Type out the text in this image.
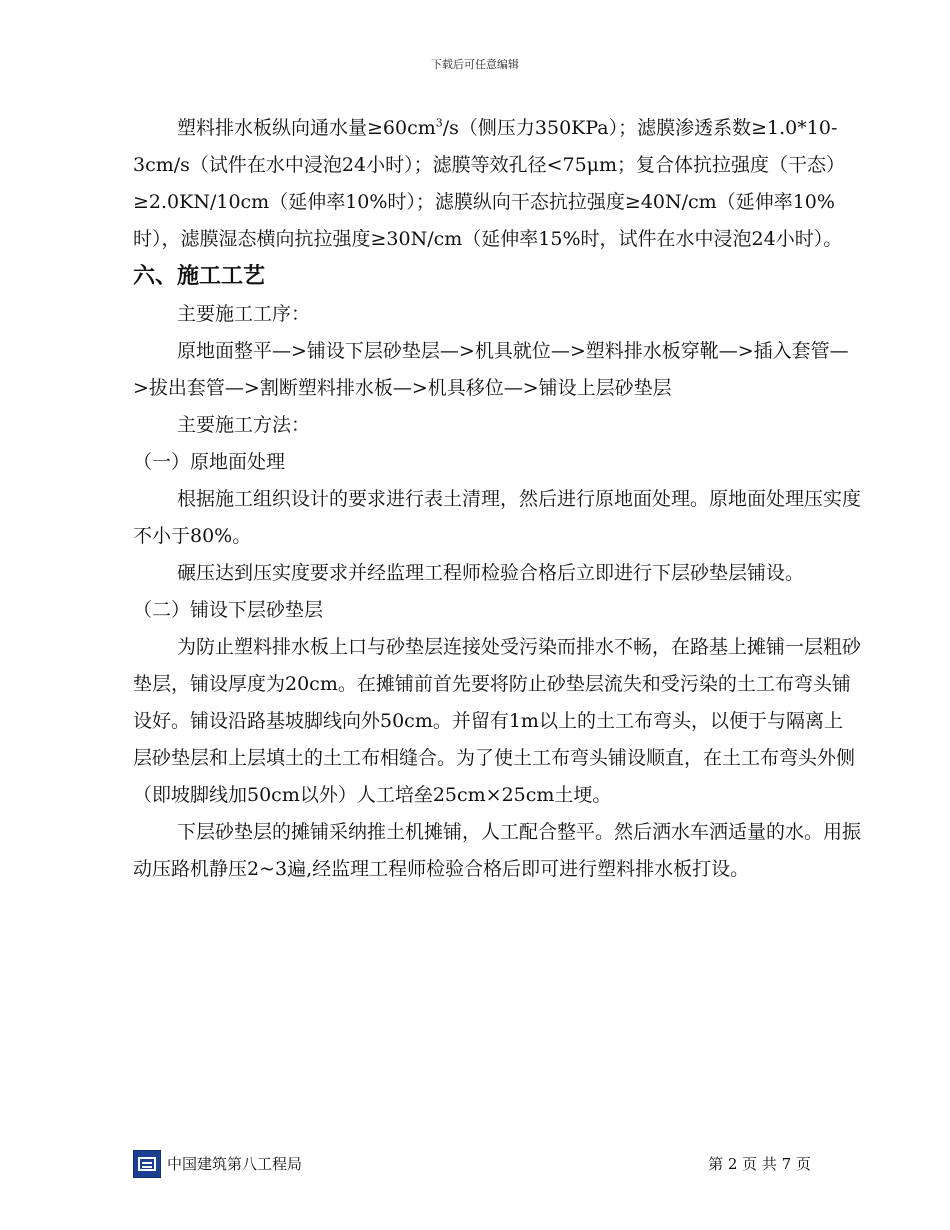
下载后可任意编辑

塑料排水板纵向通水量$\ge 60cm^3/s$（侧压力350KPa）；滤膜渗透系数≥1.0*10-3cm/s（试件在水中浸泡24小时）；滤膜等效孔径<75μm；复合体抗拉强度（干态）≥2.0KN/10cm（延伸率10%时）；滤膜纵向干态抗拉强度≥40N/cm（延伸率10%时），滤膜湿态横向抗拉强度≥30N/cm（延伸率15%时，试件在水中浸泡24小时）。

六、施工工艺

主要施工工序：

原地面整平—>铺设下层砂垫层—>机具就位—>塑料排水板穿靴—>插入套管—>拔出套管—>割断塑料排水板—>机具移位—>铺设上层砂垫层

主要施工方法：

（一）原地面处理

根据施工组织设计的要求进行表土清理，然后进行原地面处理。原地面处理压实度不小于80%。

碾压达到压实度要求并经监理工程师检验合格后立即进行下层砂垫层铺设。

（二）铺设下层砂垫层

为防止塑料排水板上口与砂垫层连接处受污染而排水不畅，在路基上摊铺一层粗砂垫层，铺设厚度为20cm。在摊铺前首先要将防止砂垫层流失和受污染的土工布弯头铺设好。铺设沿路基坡脚线向外50cm。并留有1m以上的土工布弯头，以便于与隔离上层砂垫层和上层填土的土工布相缝合。为了使土工布弯头铺设顺直，在土工布弯头外侧（即坡脚线加50cm以外）人工培垒25cm×25cm土埂。

下层砂垫层的摊铺采纳推土机摊铺，人工配合整平。然后洒水车洒适量的水。用振动压路机静压2~3遍,经监理工程师检验合格后即可进行塑料排水板打设。

中国建筑第八工程局	第 2 页 共 7 页
